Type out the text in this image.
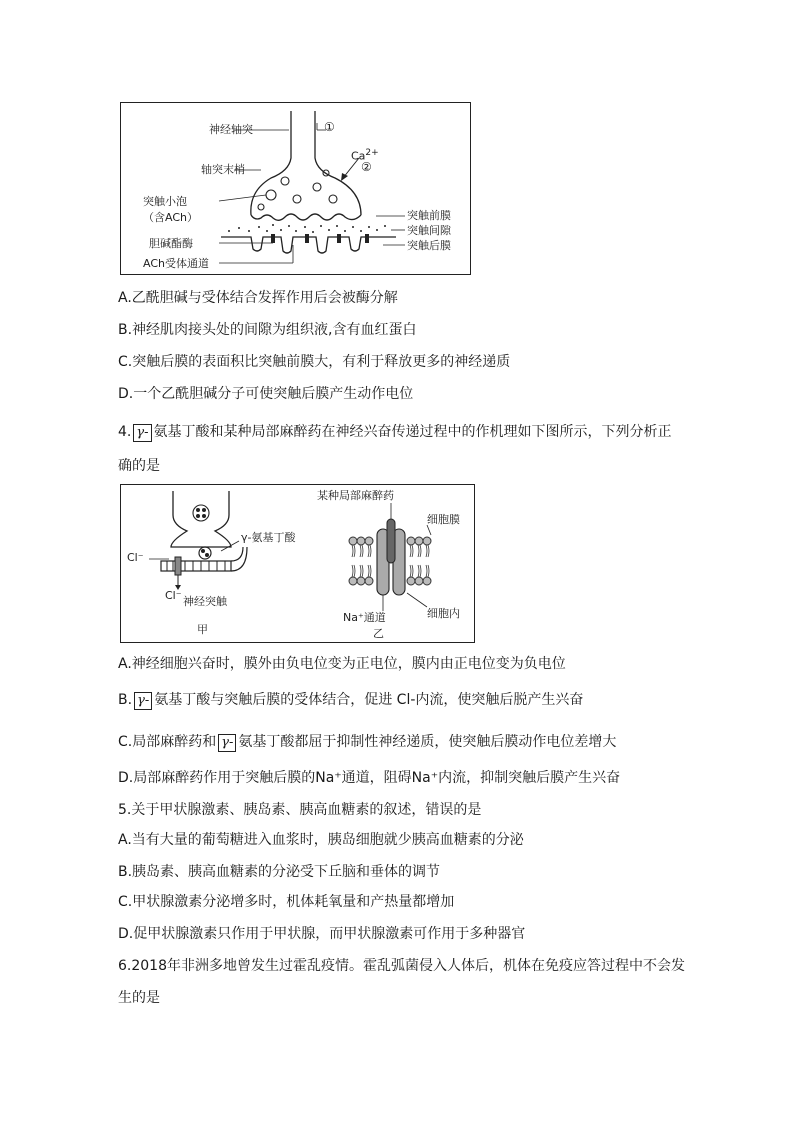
神经轴突	①
$Ca^{2+}$
②
轴突末梢
突触小泡
（含ACh）
胆碱酯酶
ACh受体通道
突触前膜
突触间隙
突触后膜
A.乙酰胆碱与受体结合发挥作用后会被酶分解
B.神经肌肉接头处的间隙为组织液,含有血红蛋白
C.突触后膜的表面积比突触前膜大，有利于释放更多的神经递质
D.一个乙酰胆碱分子可使突触后膜产生动作电位
4. γ- 氨基丁酸和某种局部麻醉药在神经兴奋传递过程中的作机理如下图所示，下列分析正
确的是
γ-氨基丁酸
Cl⁻
Cl⁻ 神经突触
甲
某种局部麻醉药
细胞膜
细胞内
Na⁺通道
乙
A.神经细胞兴奋时，膜外由负电位变为正电位，膜内由正电位变为负电位
B. γ- 氨基丁酸与突触后膜的受体结合，促进 Cl-内流，使突触后脱产生兴奋
C.局部麻醉药和 γ- 氨基丁酸都屈于抑制性神经递质，使突触后膜动作电位差增大
D.局部麻醉药作用于突触后膜的Na⁺通道，阻碍Na⁺内流，抑制突触后膜产生兴奋
5.关于甲状腺激素、胰岛素、胰高血糖素的叙述，错误的是
A.当有大量的葡萄糖进入血浆时，胰岛细胞就少胰高血糖素的分泌
B.胰岛素、胰高血糖素的分泌受下丘脑和垂体的调节
C.甲状腺激素分泌增多时，机体耗氧量和产热量都增加
D.促甲状腺激素只作用于甲状腺，而甲状腺激素可作用于多种器官
6.2018年非洲多地曾发生过霍乱疫情。霍乱弧菌侵入人体后，机体在免疫应答过程中不会发
生的是
